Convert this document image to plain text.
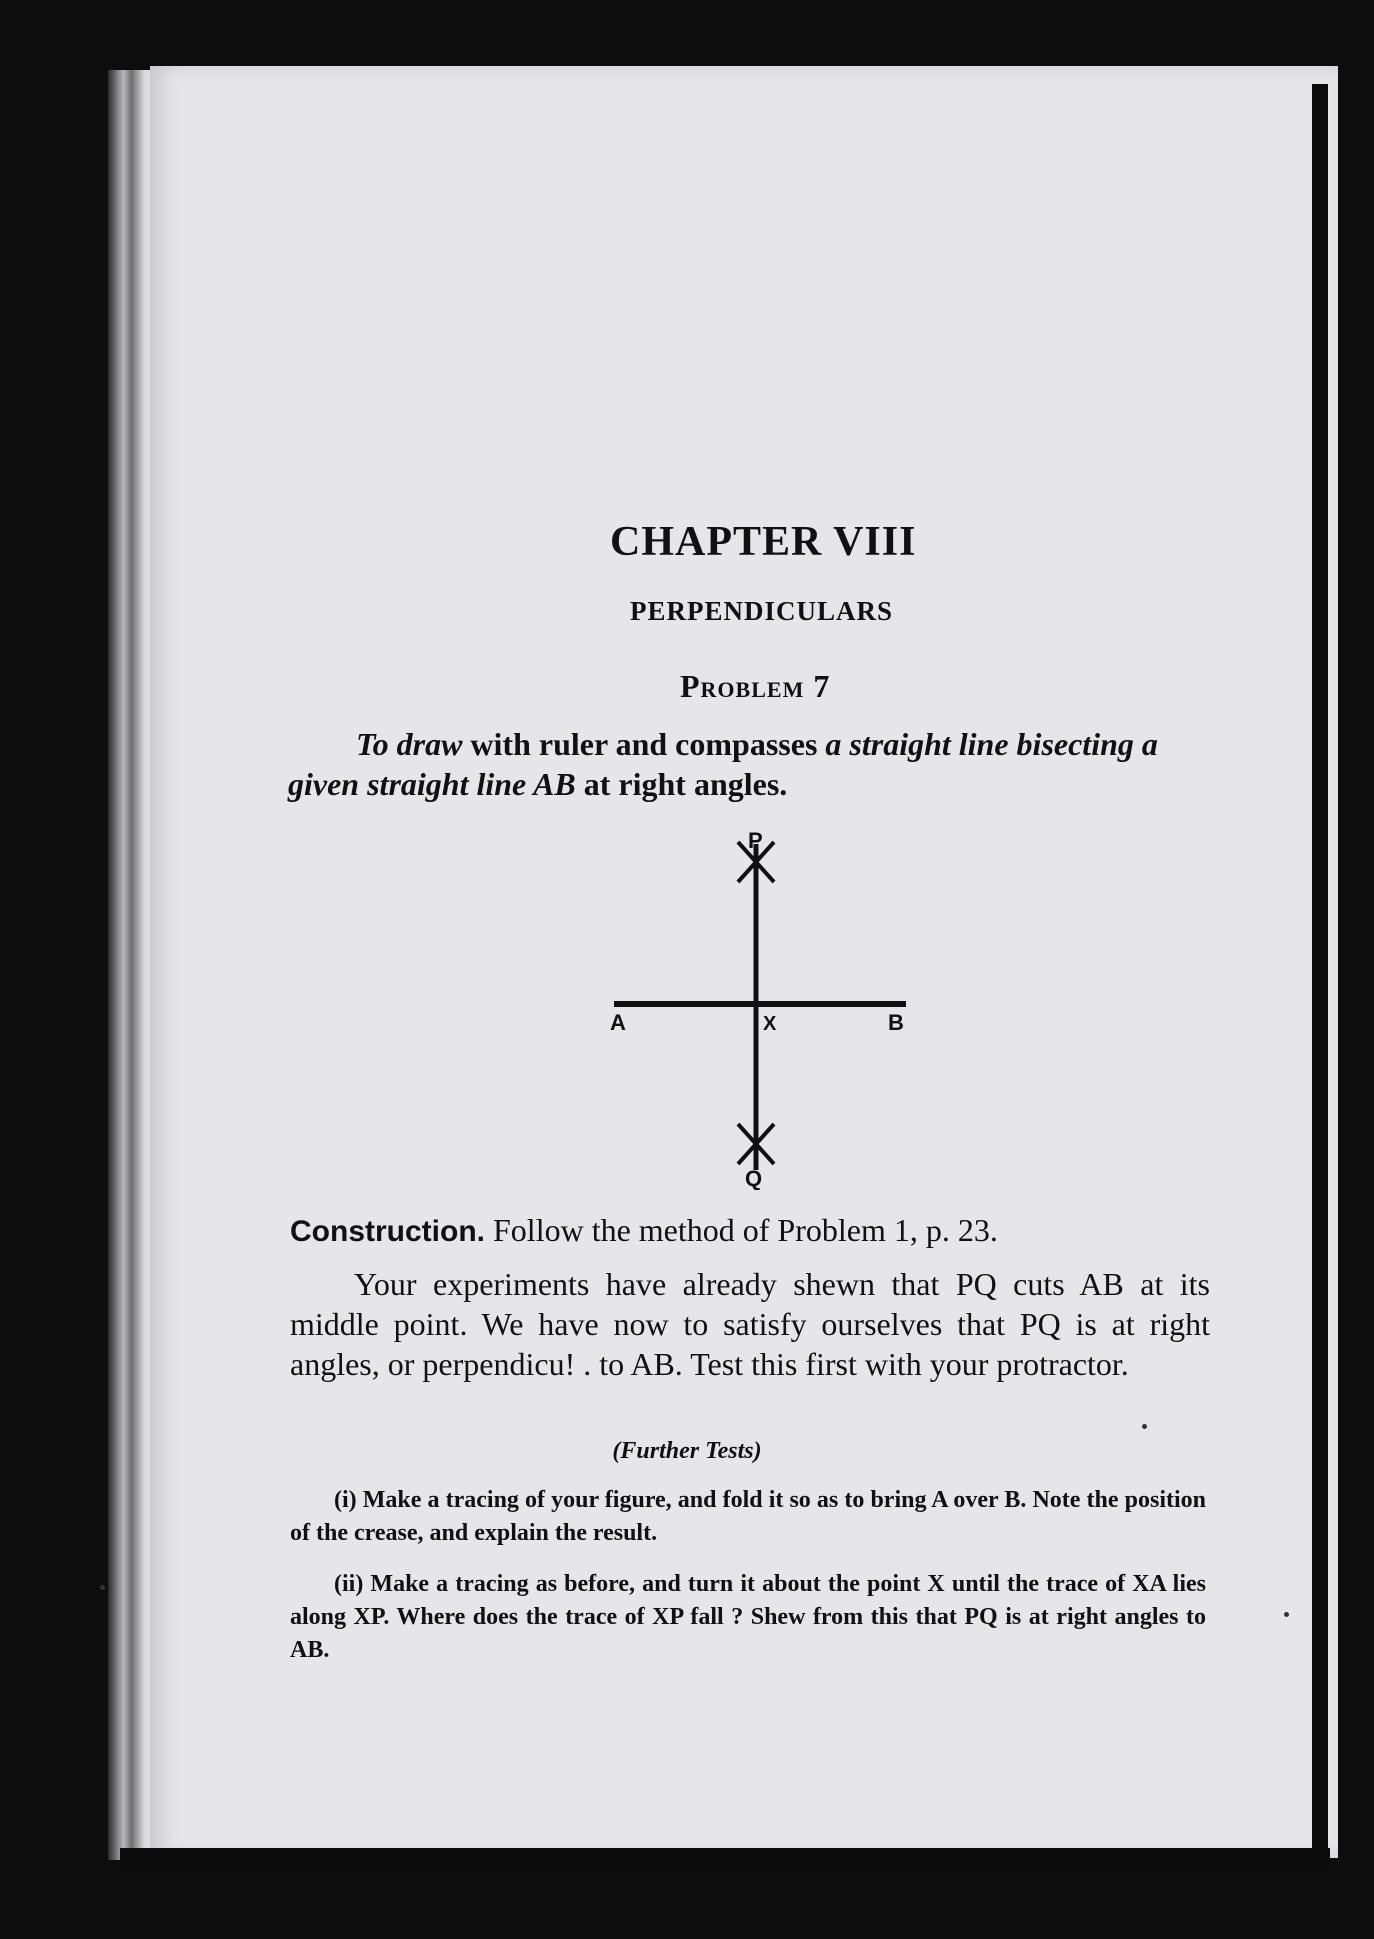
CHAPTER VIII
PERPENDICULARS
Problem 7
To draw with ruler and compasses a straight line bisecting a given straight line AB at right angles.
P
Q
A	B
X
Construction. Follow the method of Problem 1, p. 23.
Your experiments have already shewn that PQ cuts AB at its middle point. We have now to satisfy ourselves that PQ is at right angles, or perpendicu! . to AB. Test this first with your protractor.
(Further Tests)

(i) Make a tracing of your figure, and fold it so as to bring A over B. Note the position of the crease, and explain the result.

(ii) Make a tracing as before, and turn it about the point X until the trace of XA lies along XP. Where does the trace of XP fall ? Shew from this that PQ is at right angles to AB.
